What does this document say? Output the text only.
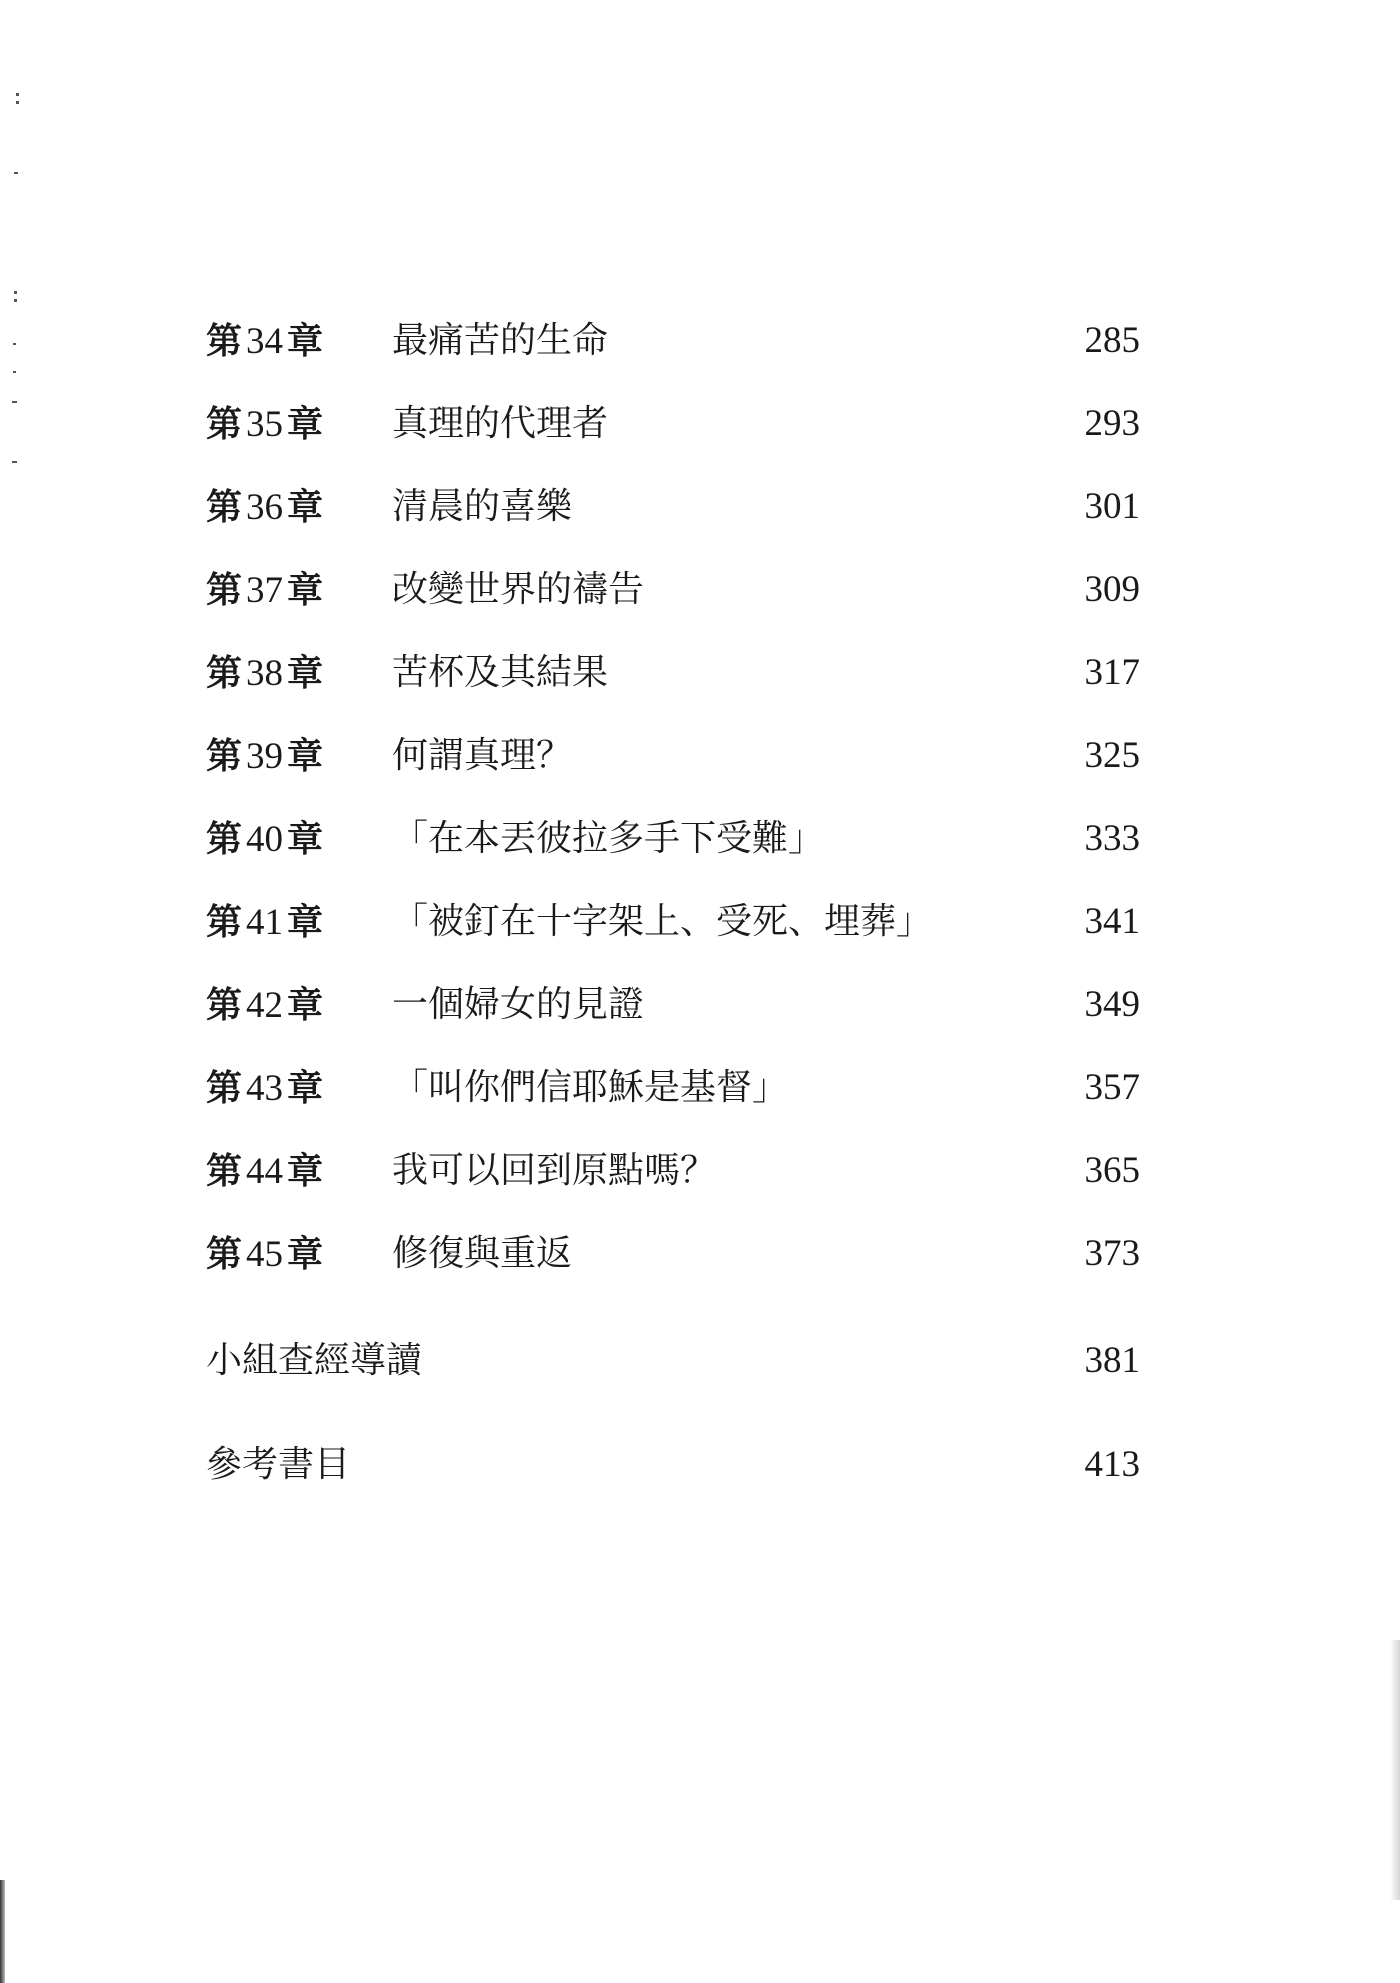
第 34 章 最痛苦的生命	285
第 35 章 真理的代理者	293
第 36 章 清晨的喜樂	301
第 37 章 改變世界的禱告	309
第 38 章 苦杯及其結果	317
第 39 章 何謂真理？	325
第 40 章 「在本丟彼拉多手下受難」	333
第 41 章 「被釘在十字架上、受死、埋葬」	341
第 42 章 一個婦女的見證	349
第 43 章 「叫你們信耶穌是基督」	357
第 44 章 我可以回到原點嗎？	365
第 45 章 修復與重返	373
小組查經導讀	381
參考書目	413
